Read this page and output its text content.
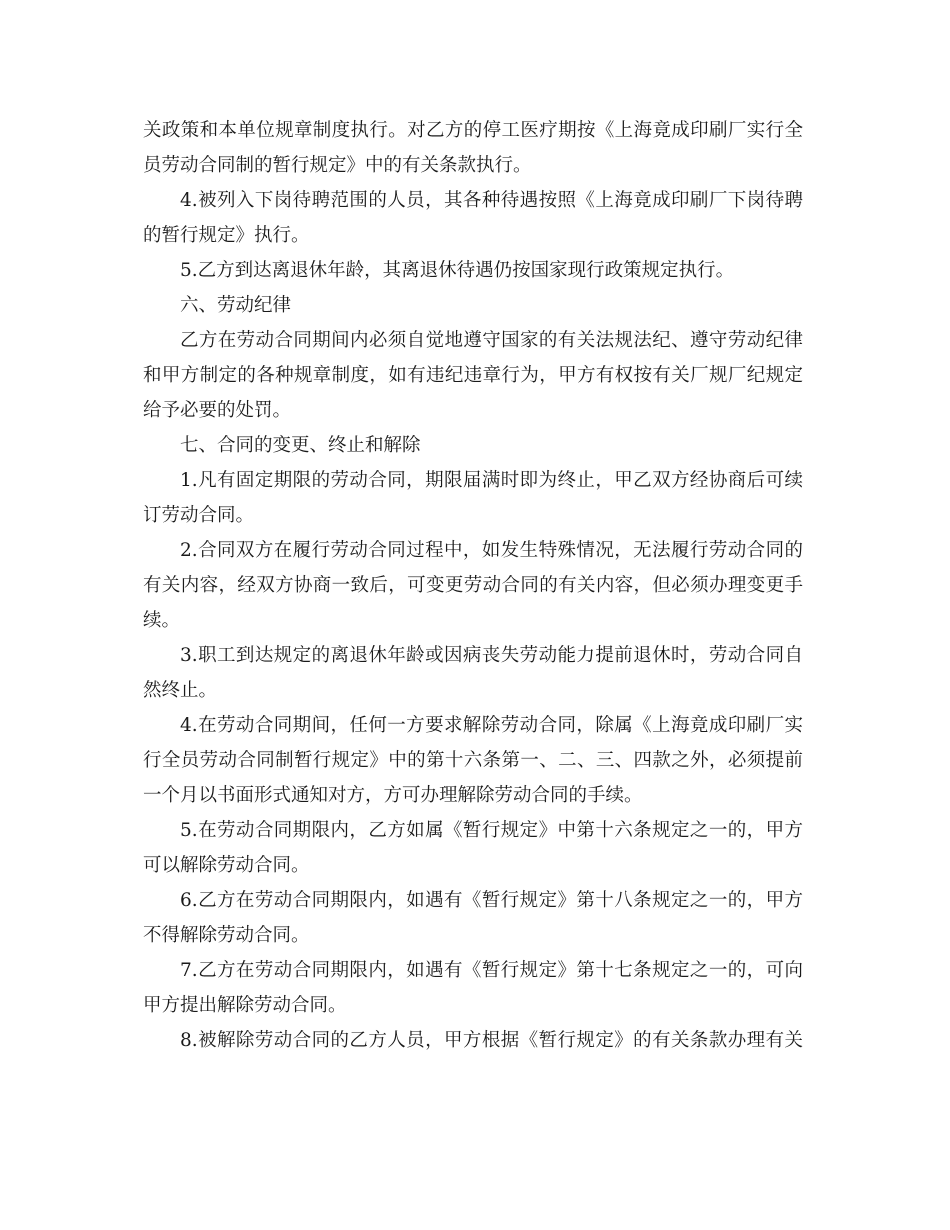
关政策和本单位规章制度执行。对乙方的停工医疗期按《上海竟成印刷厂实行全
员劳动合同制的暂行规定》中的有关条款执行。
4.被列入下岗待聘范围的人员，其各种待遇按照《上海竟成印刷厂下岗待聘
的暂行规定》执行。
5.乙方到达离退休年龄，其离退休待遇仍按国家现行政策规定执行。
六、劳动纪律
乙方在劳动合同期间内必须自觉地遵守国家的有关法规法纪、遵守劳动纪律
和甲方制定的各种规章制度，如有违纪违章行为，甲方有权按有关厂规厂纪规定
给予必要的处罚。
七、合同的变更、终止和解除
1.凡有固定期限的劳动合同，期限届满时即为终止，甲乙双方经协商后可续
订劳动合同。
2.合同双方在履行劳动合同过程中，如发生特殊情况，无法履行劳动合同的
有关内容，经双方协商一致后，可变更劳动合同的有关内容，但必须办理变更手
续。
3.职工到达规定的离退休年龄或因病丧失劳动能力提前退休时，劳动合同自
然终止。
4.在劳动合同期间，任何一方要求解除劳动合同，除属《上海竟成印刷厂实
行全员劳动合同制暂行规定》中的第十六条第一、二、三、四款之外，必须提前
一个月以书面形式通知对方，方可办理解除劳动合同的手续。
5.在劳动合同期限内，乙方如属《暂行规定》中第十六条规定之一的，甲方
可以解除劳动合同。
6.乙方在劳动合同期限内，如遇有《暂行规定》第十八条规定之一的，甲方
不得解除劳动合同。
7.乙方在劳动合同期限内，如遇有《暂行规定》第十七条规定之一的，可向
甲方提出解除劳动合同。
8.被解除劳动合同的乙方人员，甲方根据《暂行规定》的有关条款办理有关
